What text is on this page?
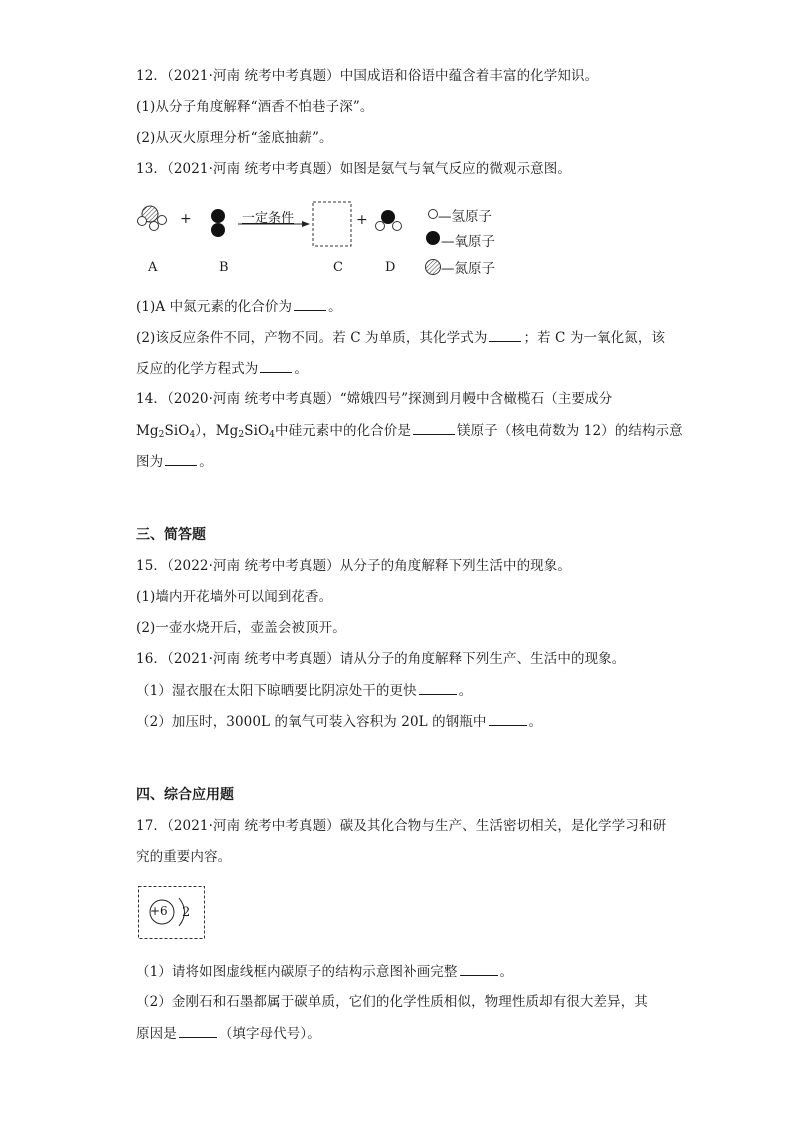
12．（2021·河南 统考中考真题）中国成语和俗语中蕴含着丰富的化学知识。
(1)从分子角度解释“酒香不怕巷子深”。
(2)从灭火原理分析“釜底抽薪”。
13．（2021·河南 统考中考真题）如图是氨气与氧气反应的微观示意图。
+	+
一定条件
A	B	C	D
—氢原子
—氧原子
—氮原子
(1)A 中氮元素的化合价为	。
(2)该反应条件不同，产物不同。若 C 为单质，其化学式为	；若 C 为一氧化氮，该
反应的化学方程式为	。
14．（2020·河南 统考中考真题）“嫦娥四号”探测到月幔中含橄榄石（主要成分
$Mg_2SiO_4$），$Mg_2SiO_4$中硅元素中的化合价是	镁原子（核电荷数为 12）的结构示意
图为	。
三、简答题
15．（2022·河南 统考中考真题）从分子的角度解释下列生活中的现象。
(1)墙内开花墙外可以闻到花香。
(2)一壶水烧开后，壶盖会被顶开。
16．（2021·河南 统考中考真题）请从分子的角度解释下列生产、生活中的现象。
（1）湿衣服在太阳下晾晒要比阴凉处干的更快	。
（2）加压时，3000L 的氧气可装入容积为 20L 的钢瓶中	。
四、综合应用题
17．（2021·河南 统考中考真题）碳及其化合物与生产、生活密切相关，是化学学习和研
究的重要内容。
+6 2
（1）请将如图虚线框内碳原子的结构示意图补画完整	。
（2）金刚石和石墨都属于碳单质，它们的化学性质相似，物理性质却有很大差异，其
原因是	（填字母代号）。
